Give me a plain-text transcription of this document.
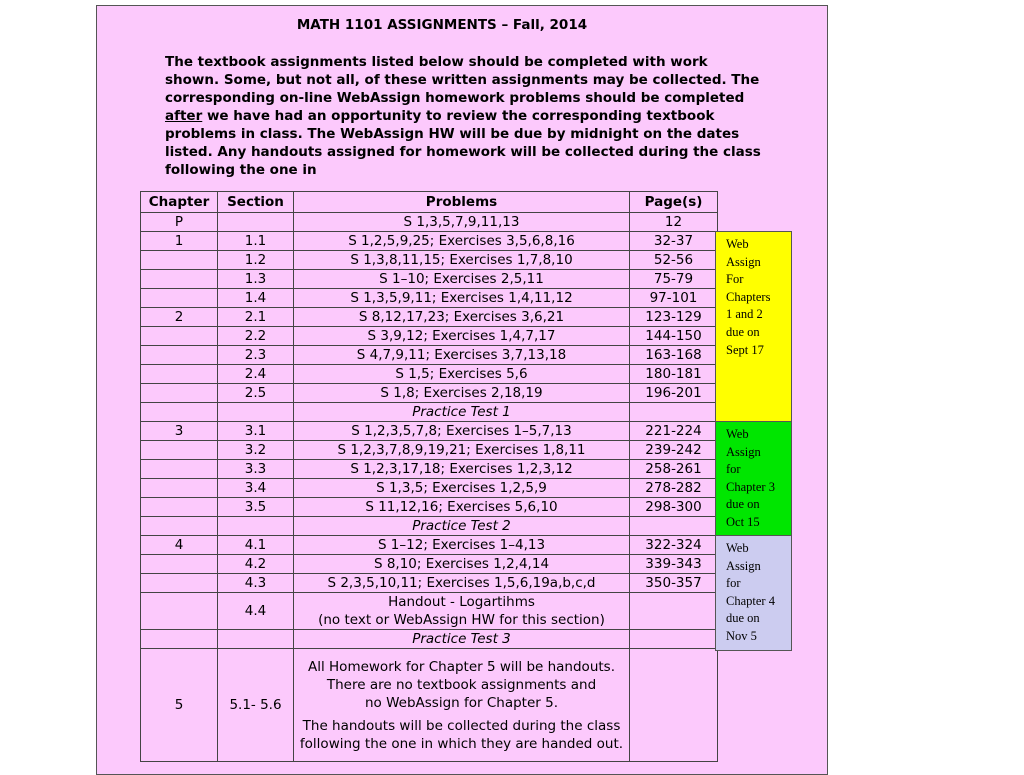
MATH 1101 ASSIGNMENTS – Fall, 2014

The textbook assignments listed below should be completed with work shown. Some, but not all, of these written assignments may be collected. The corresponding on-line WebAssign homework problems should be completed after we have had an opportunity to review the corresponding textbook problems in class. The WebAssign HW will be due by midnight on the dates listed. Any handouts assigned for homework will be collected during the class following the one in

Chapter	Section	Problems	Page(s)
P		S 1,3,5,7,9,11,13	12
1	1.1	S 1,2,5,9,25; Exercises 3,5,6,8,16	32-37
	1.2	S 1,3,8,11,15; Exercises 1,7,8,10	52-56
	1.3	S 1–10; Exercises 2,5,11	75-79
	1.4	S 1,3,5,9,11; Exercises 1,4,11,12	97-101
2	2.1	S 8,12,17,23; Exercises 3,6,21	123-129
	2.2	S 3,9,12; Exercises 1,4,7,17	144-150
	2.3	S 4,7,9,11; Exercises 3,7,13,18	163-168
	2.4	S 1,5; Exercises 5,6	180-181
	2.5	S 1,8; Exercises 2,18,19	196-201
		Practice Test 1	
3	3.1	S 1,2,3,5,7,8; Exercises 1–5,7,13	221-224
	3.2	S 1,2,3,7,8,9,19,21; Exercises 1,8,11	239-242
	3.3	S 1,2,3,17,18; Exercises 1,2,3,12	258-261
	3.4	S 1,3,5; Exercises 1,2,5,9	278-282
	3.5	S 11,12,16; Exercises 5,6,10	298-300
		Practice Test 2	
4	4.1	S 1–12; Exercises 1–4,13	322-324
	4.2	S 8,10; Exercises 1,2,4,14	339-343
	4.3	S 2,3,5,10,11; Exercises 1,5,6,19a,b,c,d	350-357
	4.4	Handout - Logartihms
(no text or WebAssign HW for this section)	
		Practice Test 3	
5	5.1- 5.6	All Homework for Chapter 5 will be handouts.
There are no textbook assignments and
no WebAssign for Chapter 5.
The handouts will be collected during the class
following the one in which they are handed out.	

Web
Assign
For
Chapters
1 and 2
due on
Sept 17
Web
Assign
for
Chapter 3
due on
Oct 15
Web
Assign
for
Chapter 4
due on
Nov 5
